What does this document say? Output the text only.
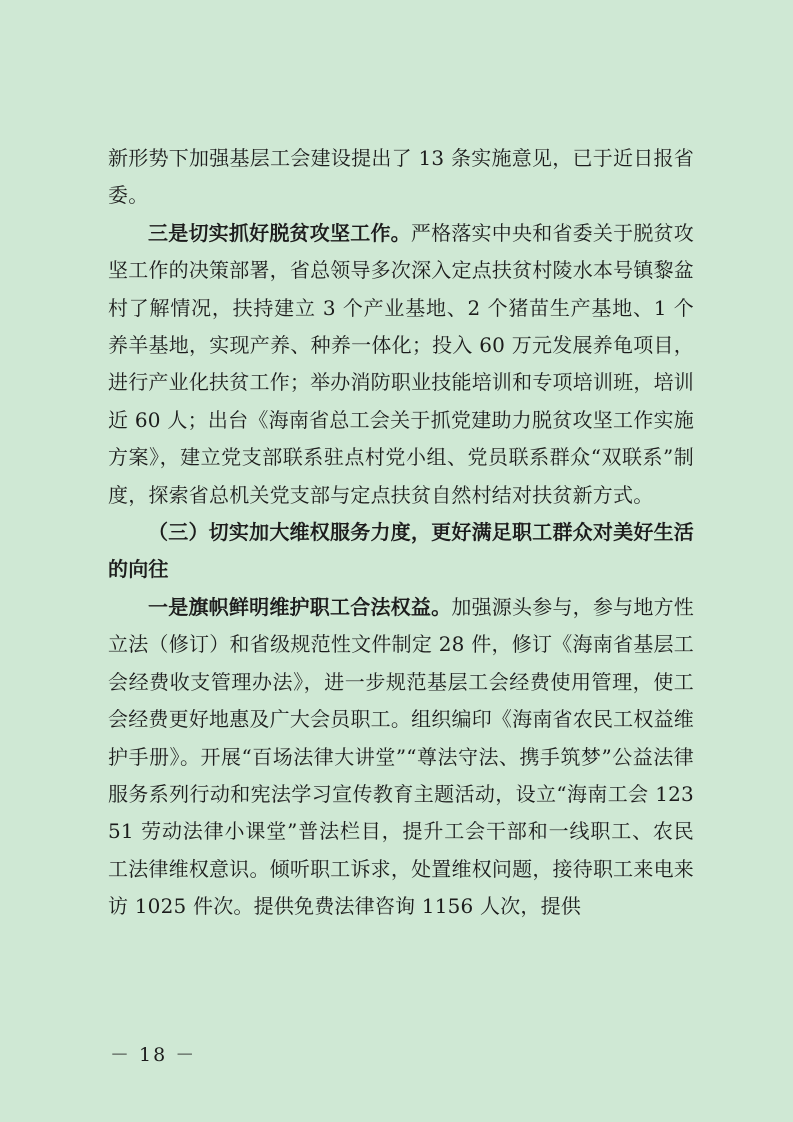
新形势下加强基层工会建设提出了 13 条实施意见，已于近日报省委。

三是切实抓好脱贫攻坚工作。严格落实中央和省委关于脱贫攻坚工作的决策部署，省总领导多次深入定点扶贫村陵水本号镇黎盆村了解情况，扶持建立 3 个产业基地、2 个猪苗生产基地、1 个养羊基地，实现产养、种养一体化；投入 60 万元发展养龟项目，进行产业化扶贫工作；举办消防职业技能培训和专项培训班，培训近 60 人；出台《海南省总工会关于抓党建助力脱贫攻坚工作实施方案》，建立党支部联系驻点村党小组、党员联系群众“双联系”制度，探索省总机关党支部与定点扶贫自然村结对扶贫新方式。

（三）切实加大维权服务力度，更好满足职工群众对美好生活的向往

一是旗帜鲜明维护职工合法权益。加强源头参与，参与地方性立法（修订）和省级规范性文件制定 28 件，修订《海南省基层工会经费收支管理办法》，进一步规范基层工会经费使用管理，使工会经费更好地惠及广大会员职工。组织编印《海南省农民工权益维护手册》。开展“百场法律大讲堂”“尊法守法、携手筑梦”公益法律服务系列行动和宪法学习宣传教育主题活动，设立“海南工会 12351 劳动法律小课堂”普法栏目，提升工会干部和一线职工、农民工法律维权意识。倾听职工诉求，处置维权问题，接待职工来电来访 1025 件次。提供免费法律咨询 1156 人次，提供

－ 18 －
